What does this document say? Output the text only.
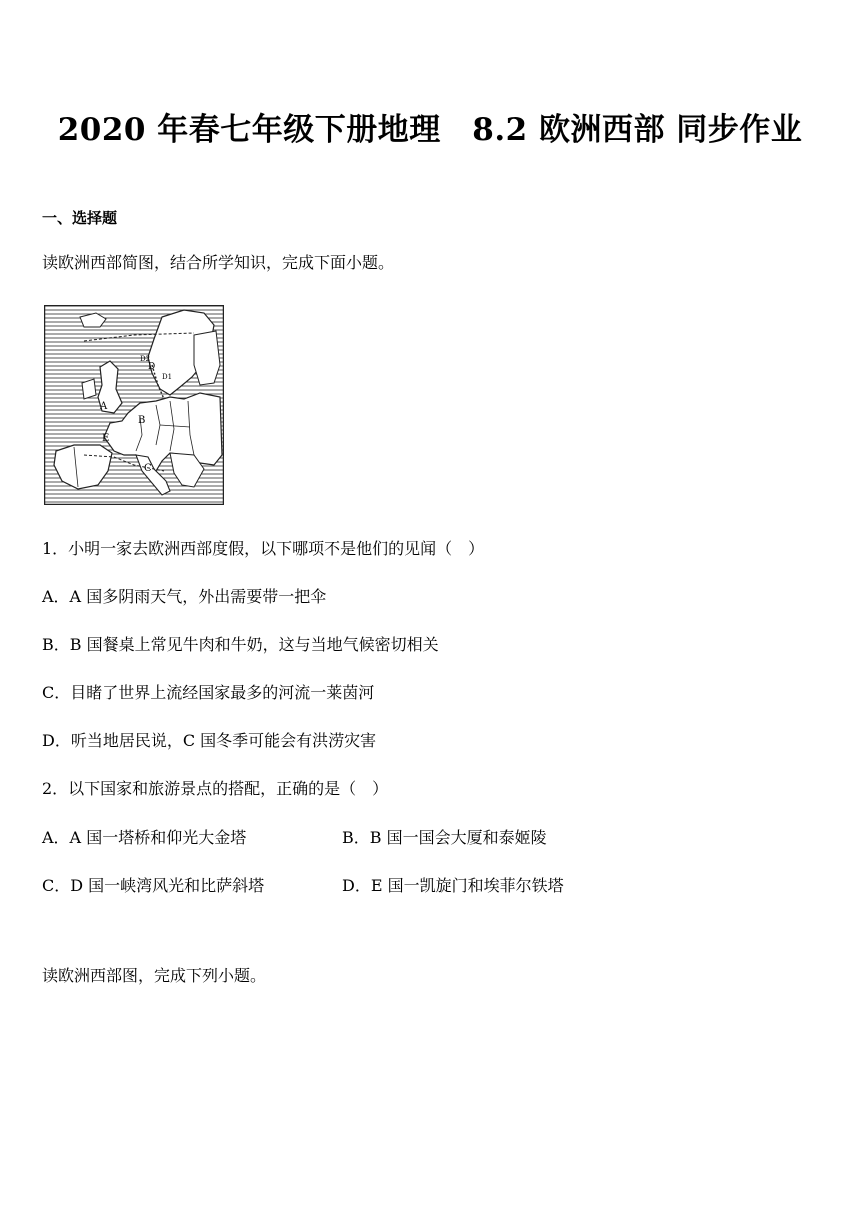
2020 年春七年级下册地理　8.2 欧洲西部 同步作业
一、选择题
读欧洲西部简图，结合所学知识，完成下面小题。
A
B
C
D
E
D1
D2
1．小明一家去欧洲西部度假，以下哪项不是他们的见闻（　）
A．A 国多阴雨天气，外出需要带一把伞
B．B 国餐桌上常见牛肉和牛奶，这与当地气候密切相关
C．目睹了世界上流经国家最多的河流一莱茵河
D．听当地居民说，C 国冬季可能会有洪涝灾害
2．以下国家和旅游景点的搭配，正确的是（　）
A．A 国一塔桥和仰光大金塔	B．B 国一国会大厦和泰姬陵
C．D 国一峡湾风光和比萨斜塔	D．E 国一凯旋门和埃菲尔铁塔
读欧洲西部图，完成下列小题。
